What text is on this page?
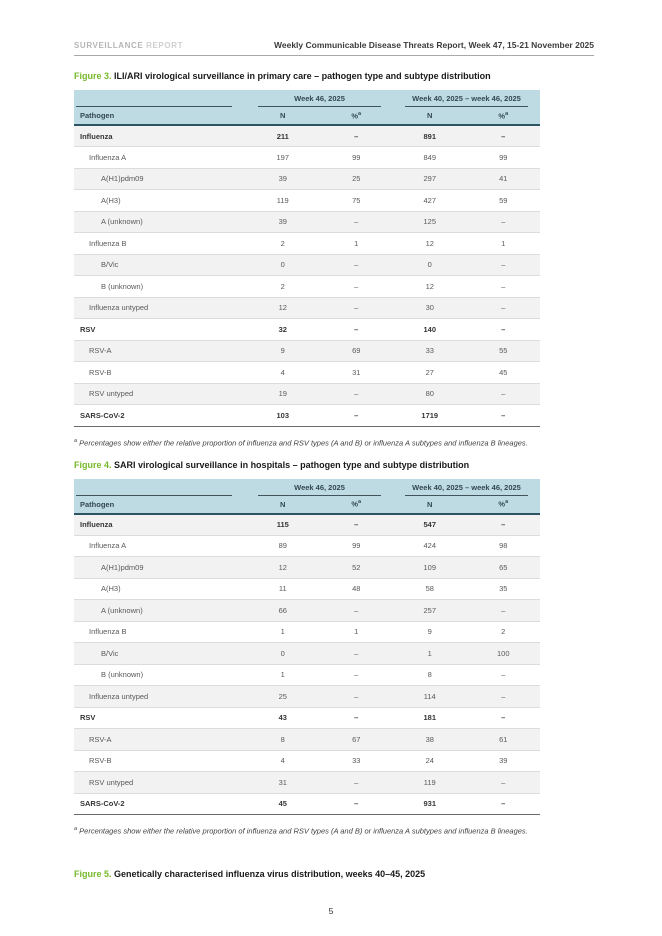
SURVEILLANCE REPORT	Weekly Communicable Disease Threats Report, Week 47, 15-21 November 2025
Figure 3. ILI/ARI virological surveillance in primary care – pathogen type and subtype distribution

	Week 46, 2025		Week 40, 2025 – week 46, 2025	

Pathogen	N	%$^a$	N	%$^a$
Influenza	211	–	891	–
Influenza A	197	99	849	99
A(H1)pdm09	39	25	297	41
A(H3)	119	75	427	59
A (unknown)	39	–	125	–
Influenza B	2	1	12	1
B/Vic	0	–	0	–
B (unknown)	2	–	12	–
Influenza untyped	12	–	30	–
RSV	32	–	140	–
RSV-A	9	69	33	55
RSV-B	4	31	27	45
RSV untyped	19	–	80	–
SARS-CoV-2	103	–	1719	–
$^a$ Percentages show either the relative proportion of influenza and RSV types (A and B) or influenza A subtypes and influenza B lineages.
Figure 4. SARI virological surveillance in hospitals – pathogen type and subtype distribution

	Week 46, 2025		Week 40, 2025 – week 46, 2025	

Pathogen	N	%$^a$	N	%$^a$
Influenza	115	–	547	–
Influenza A	89	99	424	98
A(H1)pdm09	12	52	109	65
A(H3)	11	48	58	35
A (unknown)	66	–	257	–
Influenza B	1	1	9	2
B/Vic	0	–	1	100
B (unknown)	1	–	8	–
Influenza untyped	25	–	114	–
RSV	43	–	181	–
RSV-A	8	67	38	61
RSV-B	4	33	24	39
RSV untyped	31	–	119	–
SARS-CoV-2	45	–	931	–
$^a$ Percentages show either the relative proportion of influenza and RSV types (A and B) or influenza A subtypes and influenza B lineages.
Figure 5. Genetically characterised influenza virus distribution, weeks 40–45, 2025
5
